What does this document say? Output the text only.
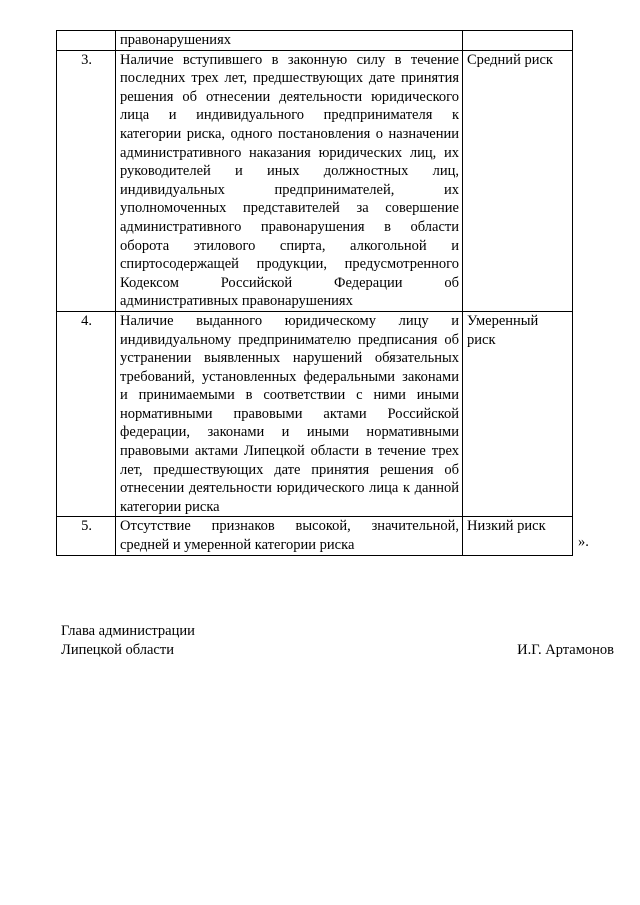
	правонарушениях	
3.	Наличие вступившего в законную силу в течение последних трех лет, предшествующих дате принятия решения об отнесении деятельности юридического лица и индивидуального предпринимателя к категории риска, одного постановления о назначении административного наказания юридических лиц, их руководителей и иных должностных лиц, индивидуальных предпринимателей, их уполномоченных представителей за совершение административного правонарушения в области оборота этилового спирта, алкогольной и спиртосодержащей продукции, предусмотренного Кодексом Российской Федерации об административных правонарушениях	Средний риск
4.	Наличие выданного юридическому лицу и индивидуальному предпринимателю предписания об устранении выявленных нарушений обязательных требований, установленных федеральными законами и принимаемыми в соответствии с ними иными нормативными правовыми актами Российской федерации, законами и иными нормативными правовыми актами Липецкой области в течение трех лет, предшествующих дате принятия решения об отнесении деятельности юридического лица к данной категории риска	Умеренный риск
5.	Отсутствие признаков высокой, значительной, средней и умеренной категории риска	Низкий риск
».
Глава администрации
Липецкой области	И.Г. Артамонов
